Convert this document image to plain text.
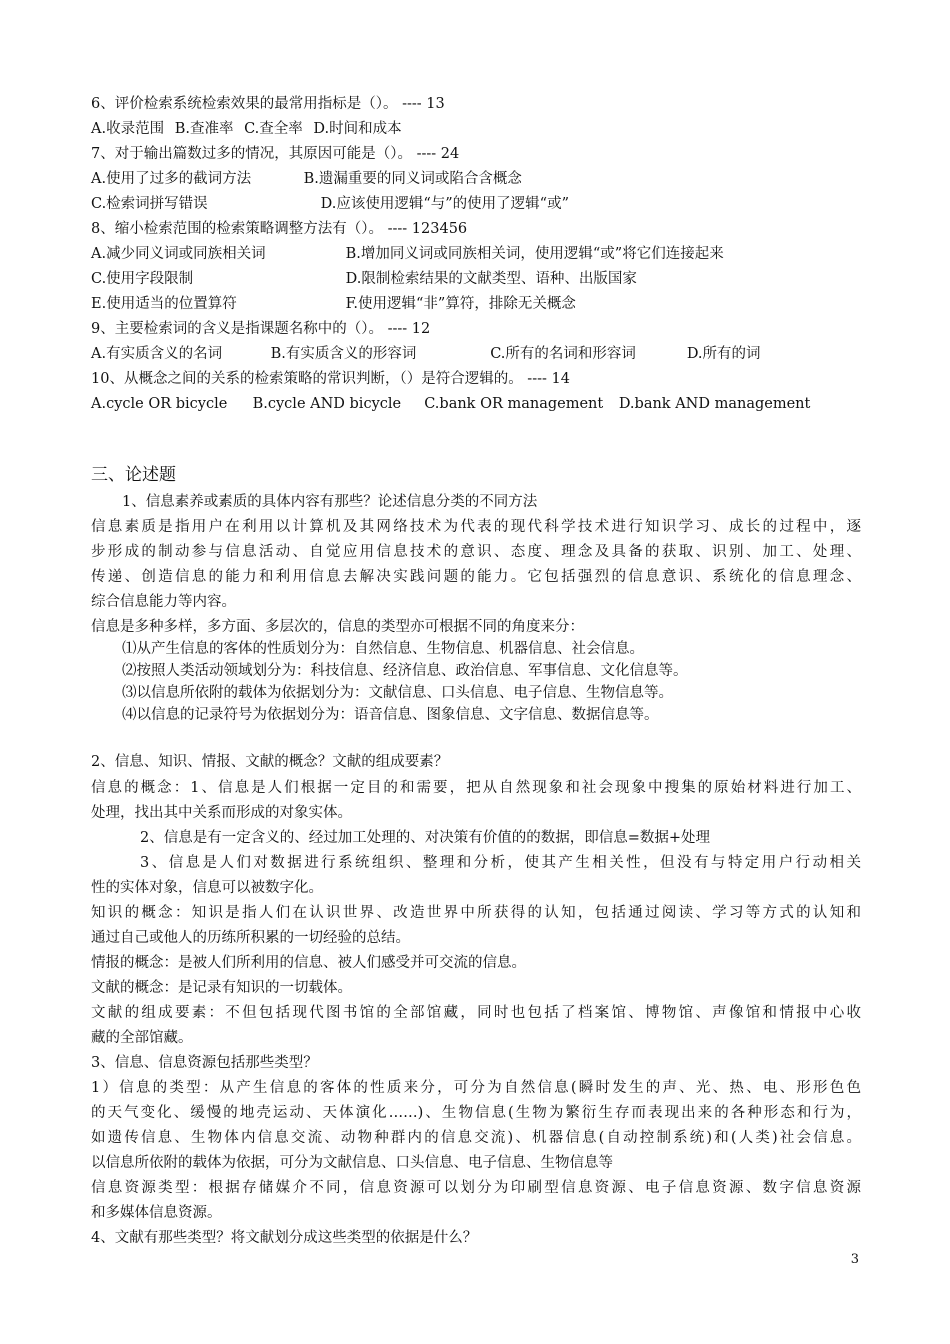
6、评价检索系统检索效果的最常用指标是（）。 ---- 13
A.收录范围 B.查准率 C.查全率 D.时间和成本
7、对于输出篇数过多的情况，其原因可能是（）。 ---- 24
A.使用了过多的截词方法	B.遗漏重要的同义词或陷合含概念
C.检索词拼写错误	D.应该使用逻辑“与”的使用了逻辑“或”
8、缩小检索范围的检索策略调整方法有（）。 ---- 123456
A.减少同义词或同族相关词	B.增加同义词或同族相关词，使用逻辑“或”将它们连接起来
C.使用字段限制	D.限制检索结果的文献类型、语种、出版国家
E.使用适当的位置算符	F.使用逻辑“非”算符，排除无关概念
9、主要检索词的含义是指课题名称中的（）。 ---- 12
A.有实质含义的名词	B.有实质含义的形容词	C.所有的名词和形容词	D.所有的词
10、从概念之间的关系的检索策略的常识判断，（）是符合逻辑的。 ---- 14
A.cycle OR bicycle B.cycle AND bicycle C.bank OR management D.bank AND management
三、论述题
1、信息素养或素质的具体内容有那些？论述信息分类的不同方法
信息素质是指用户在利用以计算机及其网络技术为代表的现代科学技术进行知识学习、成长的过程中，逐
步形成的制动参与信息活动、自觉应用信息技术的意识、态度、理念及具备的获取、识别、加工、处理、
传递、创造信息的能力和利用信息去解决实践问题的能力。它包括强烈的信息意识、系统化的信息理念、
综合信息能力等内容。
信息是多种多样，多方面、多层次的，信息的类型亦可根据不同的角度来分：
⑴从产生信息的客体的性质划分为：自然信息、生物信息、机器信息、社会信息。
⑵按照人类活动领域划分为：科技信息、经济信息、政治信息、军事信息、文化信息等。
⑶以信息所依附的载体为依据划分为：文献信息、口头信息、电子信息、生物信息等。
⑷以信息的记录符号为依据划分为：语音信息、图象信息、文字信息、数据信息等。
2、信息、知识、情报、文献的概念？文献的组成要素？
信息的概念：1、信息是人们根据一定目的和需要，把从自然现象和社会现象中搜集的原始材料进行加工、
处理，找出其中关系而形成的对象实体。
2、信息是有一定含义的、经过加工处理的、对决策有价值的的数据，即信息=数据+处理
3、信息是人们对数据进行系统组织、整理和分析，使其产生相关性，但没有与特定用户行动相关
性的实体对象，信息可以被数字化。
知识的概念：知识是指人们在认识世界、改造世界中所获得的认知，包括通过阅读、学习等方式的认知和
通过自己或他人的历练所积累的一切经验的总结。
情报的概念：是被人们所利用的信息、被人们感受并可交流的信息。
文献的概念：是记录有知识的一切载体。
文献的组成要素：不但包括现代图书馆的全部馆藏，同时也包括了档案馆、博物馆、声像馆和情报中心收
藏的全部馆藏。
3、信息、信息资源包括那些类型？
1）信息的类型：从产生信息的客体的性质来分，可分为自然信息(瞬时发生的声、光、热、电、形形色色
的天气变化、缓慢的地壳运动、天体演化……)、生物信息(生物为繁衍生存而表现出来的各种形态和行为，
如遗传信息、生物体内信息交流、动物种群内的信息交流)、机器信息(自动控制系统)和(人类)社会信息。
以信息所依附的载体为依据，可分为文献信息、口头信息、电子信息、生物信息等
信息资源类型：根据存储媒介不同，信息资源可以划分为印刷型信息资源、电子信息资源、数字信息资源
和多媒体信息资源。
4、文献有那些类型？将文献划分成这些类型的依据是什么？
3
